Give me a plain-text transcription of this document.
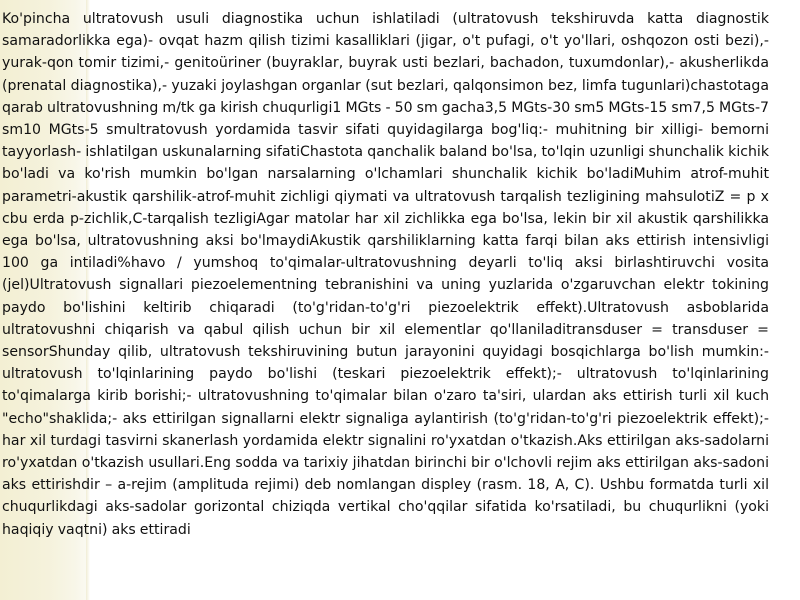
Ko'pincha ultratovush usuli diagnostika uchun ishlatiladi (ultratovush tekshiruvda katta diagnostik samaradorlikka ega)- ovqat hazm qilish tizimi kasalliklari (jigar, o't pufagi, o't yo'llari, oshqozon osti bezi),- yurak-qon tomir tizimi,- genitoüriner (buyraklar, buyrak usti bezlari, bachadon, tuxumdonlar),- akusherlikda (prenatal diagnostika),- yuzaki joylashgan organlar (sut bezlari, qalqonsimon bez, limfa tugunlari)chastotaga qarab ultratovushning m/tk ga kirish chuqurligi1 MGts - 50 sm gacha3,5 MGts-30 sm5 MGts-15 sm7,5 MGts-7 sm10 MGts-5 smultratovush yordamida tasvir sifati quyidagilarga bog'liq:- muhitning bir xilligi- bemorni tayyorlash- ishlatilgan uskunalarning sifatiChastota qanchalik baland bo'lsa, to'lqin uzunligi shunchalik kichik bo'ladi va ko'rish mumkin bo'lgan narsalarning o'lchamlari shunchalik kichik bo'ladiMuhim atrof-muhit parametri-akustik qarshilik-atrof-muhit zichligi qiymati va ultratovush tarqalish tezligining mahsulotiZ = p x cbu erda p-zichlik,C-tarqalish tezligiAgar matolar har xil zichlikka ega bo'lsa, lekin bir xil akustik qarshilikka ega bo'lsa, ultratovushning aksi bo'lmaydiAkustik qarshiliklarning katta farqi bilan aks ettirish intensivligi 100 ga intiladi%havo / yumshoq to'qimalar-ultratovushning deyarli to'liq aksi birlashtiruvchi vosita (jel)Ultratovush signallari piezoelementning tebranishini va uning yuzlarida o'zgaruvchan elektr tokining paydo bo'lishini keltirib chiqaradi (to'g'ridan-to'g'ri piezoelektrik effekt).Ultratovush asboblarida ultratovushni chiqarish va qabul qilish uchun bir xil elementlar qo'llaniladitransduser = transduser = sensorShunday qilib, ultratovush tekshiruvining butun jarayonini quyidagi bosqichlarga bo'lish mumkin:- ultratovush to'lqinlarining paydo bo'lishi (teskari piezoelektrik effekt);- ultratovush to'lqinlarining to'qimalarga kirib borishi;- ultratovushning to'qimalar bilan o'zaro ta'siri, ulardan aks ettirish turli xil kuch "echo"shaklida;- aks ettirilgan signallarni elektr signaliga aylantirish (to'g'ridan-to'g'ri piezoelektrik effekt);- har xil turdagi tasvirni skanerlash yordamida elektr signalini ro'yxatdan o'tkazish.Aks ettirilgan aks-sadolarni ro'yxatdan o'tkazish usullari.Eng sodda va tarixiy jihatdan birinchi bir o'lchovli rejim aks ettirilgan aks-sadoni aks ettirishdir – a-rejim (amplituda rejimi) deb nomlangan displey (rasm. 18, A, C). Ushbu formatda turli xil chuqurlikdagi aks-sadolar gorizontal chiziqda vertikal cho'qqilar sifatida ko'rsatiladi, bu chuqurlikni (yoki haqiqiy vaqtni) aks ettiradi
